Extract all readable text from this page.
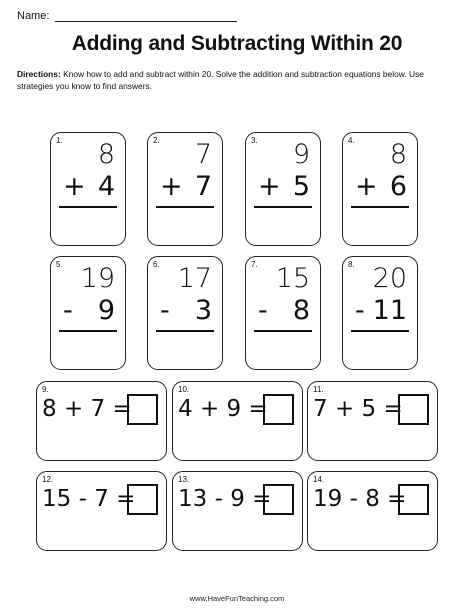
Name:
Adding and Subtracting Within 20
Directions: Know how to add and subtract within 20. Solve the addition and subtraction equations below. Use strategies you know to find answers.
1. 8
+ 4
2. 7
+ 7
3. 9
+ 5
4. 8
+ 6
5. 19
- 9
6. 17
- 3
7. 15
- 8
8. 20
- 11
9.
8 + 7 =
10.
4 + 9 =
11.
7 + 5 =
12.
15 - 7 =
13.
13 - 9 =
14.
19 - 8 =
www.HaveFunTeaching.com
